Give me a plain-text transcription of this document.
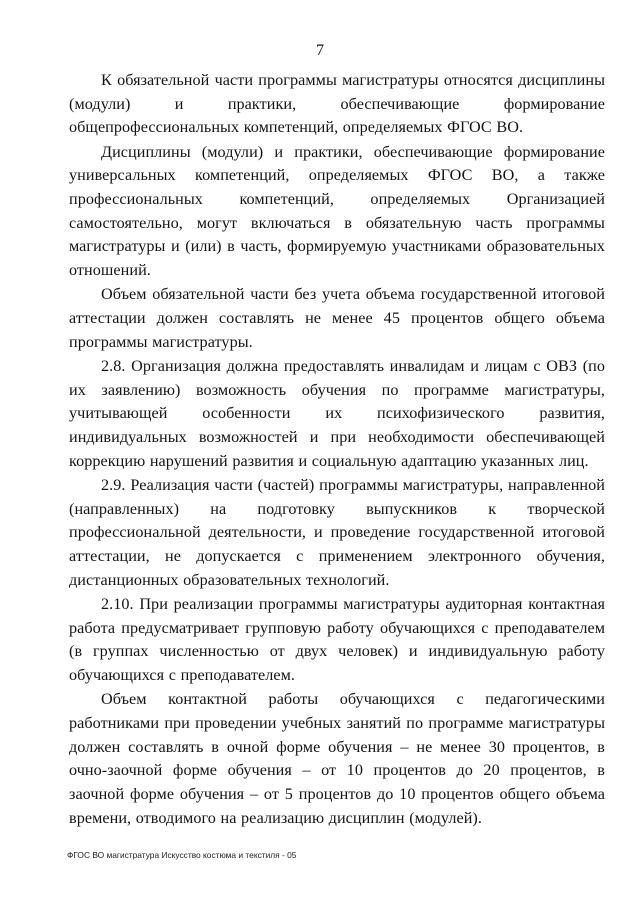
7

К обязательной части программы магистратуры относятся дисциплины (модули) и практики, обеспечивающие формирование общепрофессиональных компетенций, определяемых ФГОС ВО.

Дисциплины (модули) и практики, обеспечивающие формирование универсальных компетенций, определяемых ФГОС ВО, а также профессиональных компетенций, определяемых Организацией самостоятельно, могут включаться в обязательную часть программы магистратуры и (или) в часть, формируемую участниками образовательных отношений.

Объем обязательной части без учета объема государственной итоговой аттестации должен составлять не менее 45 процентов общего объема программы магистратуры.

2.8. Организация должна предоставлять инвалидам и лицам с ОВЗ (по их заявлению) возможность обучения по программе магистратуры, учитывающей особенности их психофизического развития, индивидуальных возможностей и при необходимости обеспечивающей коррекцию нарушений развития и социальную адаптацию указанных лиц.

2.9. Реализация части (частей) программы магистратуры, направленной (направленных) на подготовку выпускников к творческой профессиональной деятельности, и проведение государственной итоговой аттестации, не допускается с применением электронного обучения, дистанционных образовательных технологий.

2.10. При реализации программы магистратуры аудиторная контактная работа предусматривает групповую работу обучающихся с преподавателем (в группах численностью от двух человек) и индивидуальную работу обучающихся с преподавателем.

Объем контактной работы обучающихся с педагогическими работниками при проведении учебных занятий по программе магистратуры должен составлять в очной форме обучения – не менее 30 процентов, в очно-заочной форме обучения – от 10 процентов до 20 процентов, в заочной форме обучения – от 5 процентов до 10 процентов общего объема времени, отводимого на реализацию дисциплин (модулей).

ФГОС ВО магистратура Искусство костюма и текстиля - 05
